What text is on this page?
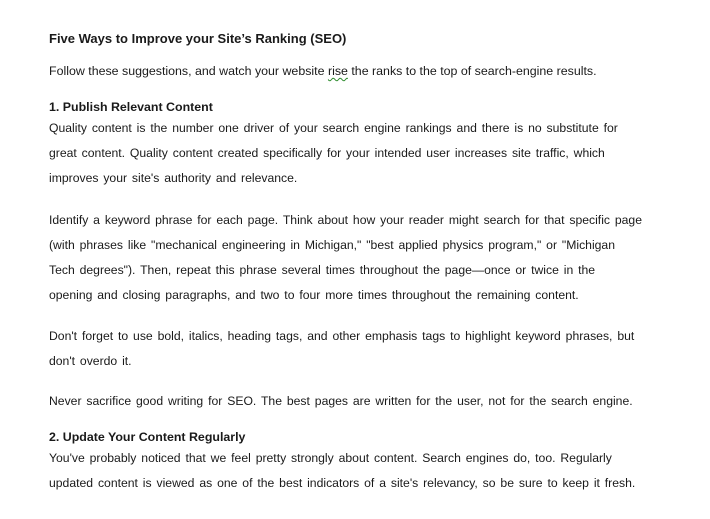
Five Ways to Improve your Site’s Ranking (SEO)
Follow these suggestions, and watch your website rise the ranks to the top of search-engine results.
1. Publish Relevant Content

Quality content is the number one driver of your search engine rankings and there is no substitute for
great content. Quality content created specifically for your intended user increases site traffic, which
improves your site's authority and relevance.

Identify a keyword phrase for each page. Think about how your reader might search for that specific page
(with phrases like "mechanical engineering in Michigan," "best applied physics program," or "Michigan
Tech degrees"). Then, repeat this phrase several times throughout the page—once or twice in the
opening and closing paragraphs, and two to four more times throughout the remaining content.

Don't forget to use bold, italics, heading tags, and other emphasis tags to highlight keyword phrases, but
don't overdo it.

Never sacrifice good writing for SEO. The best pages are written for the user, not for the search engine.

2. Update Your Content Regularly

You've probably noticed that we feel pretty strongly about content. Search engines do, too. Regularly
updated content is viewed as one of the best indicators of a site's relevancy, so be sure to keep it fresh.
